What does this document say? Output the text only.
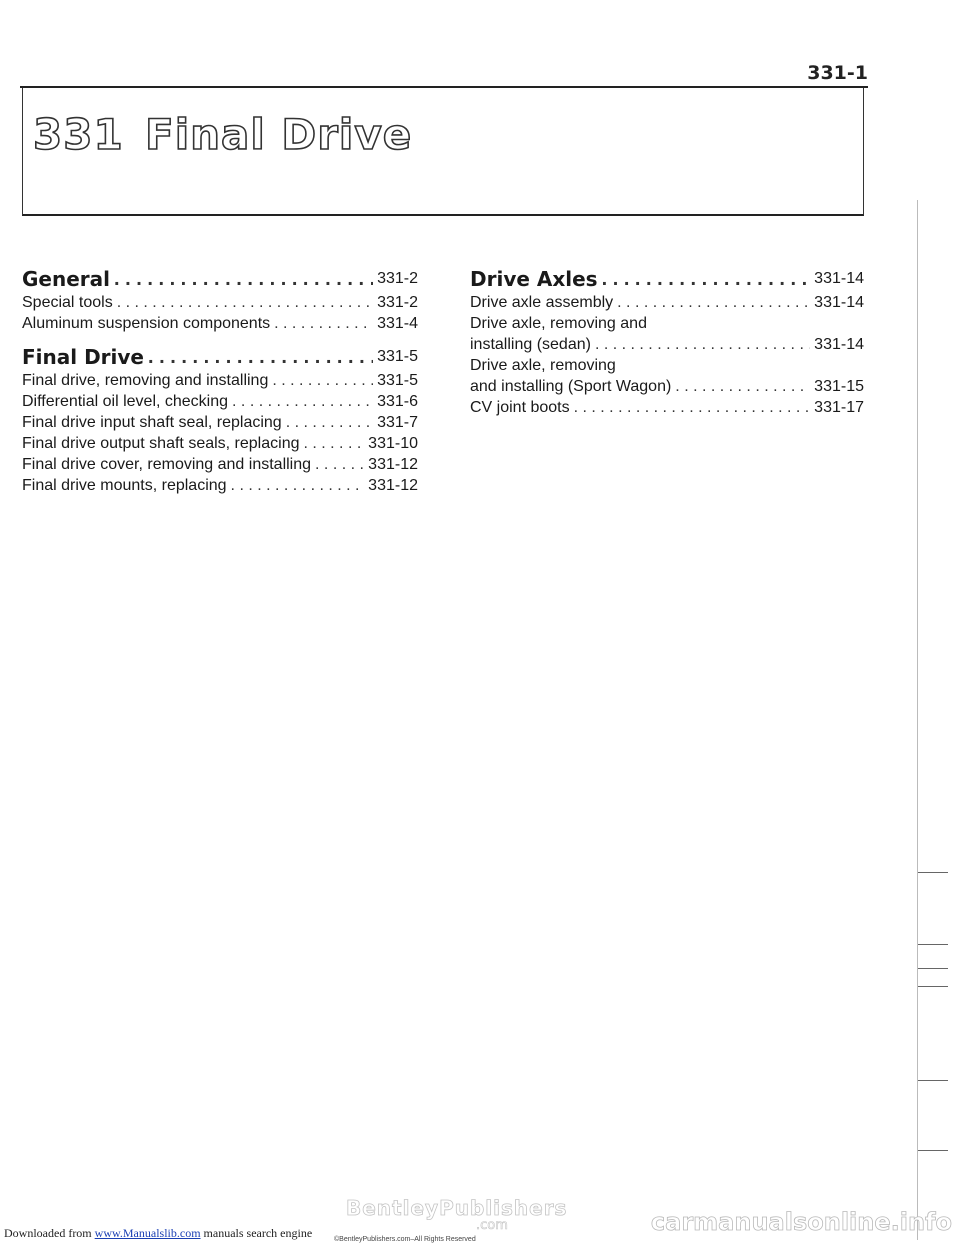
331-1
331 Final Drive
General . . .	331-2
Special tools . . .	331-2
Aluminum suspension components . . .	331-4
Final Drive . . .	331-5
Final drive, removing and installing . . .	331-5
Differential oil level, checking . . .	331-6
Final drive input shaft seal, replacing . . .	331-7
Final drive output shaft seals, replacing . . .	331-10
Final drive cover, removing and installing . . .	331-12
Final drive mounts, replacing . . .	331-12
Drive Axles . . .	331-14
Drive axle assembly . . .	331-14
Drive axle, removing and
installing (sedan) . . .	331-14
Drive axle, removing
and installing (Sport Wagon) . . .	331-15
CV joint boots . . .	331-17
Downloaded from www.Manualslib.com manuals search engine
BentleyPublishers
.com
©BentleyPublishers.com–All Rights Reserved
carmanualsonline.info
